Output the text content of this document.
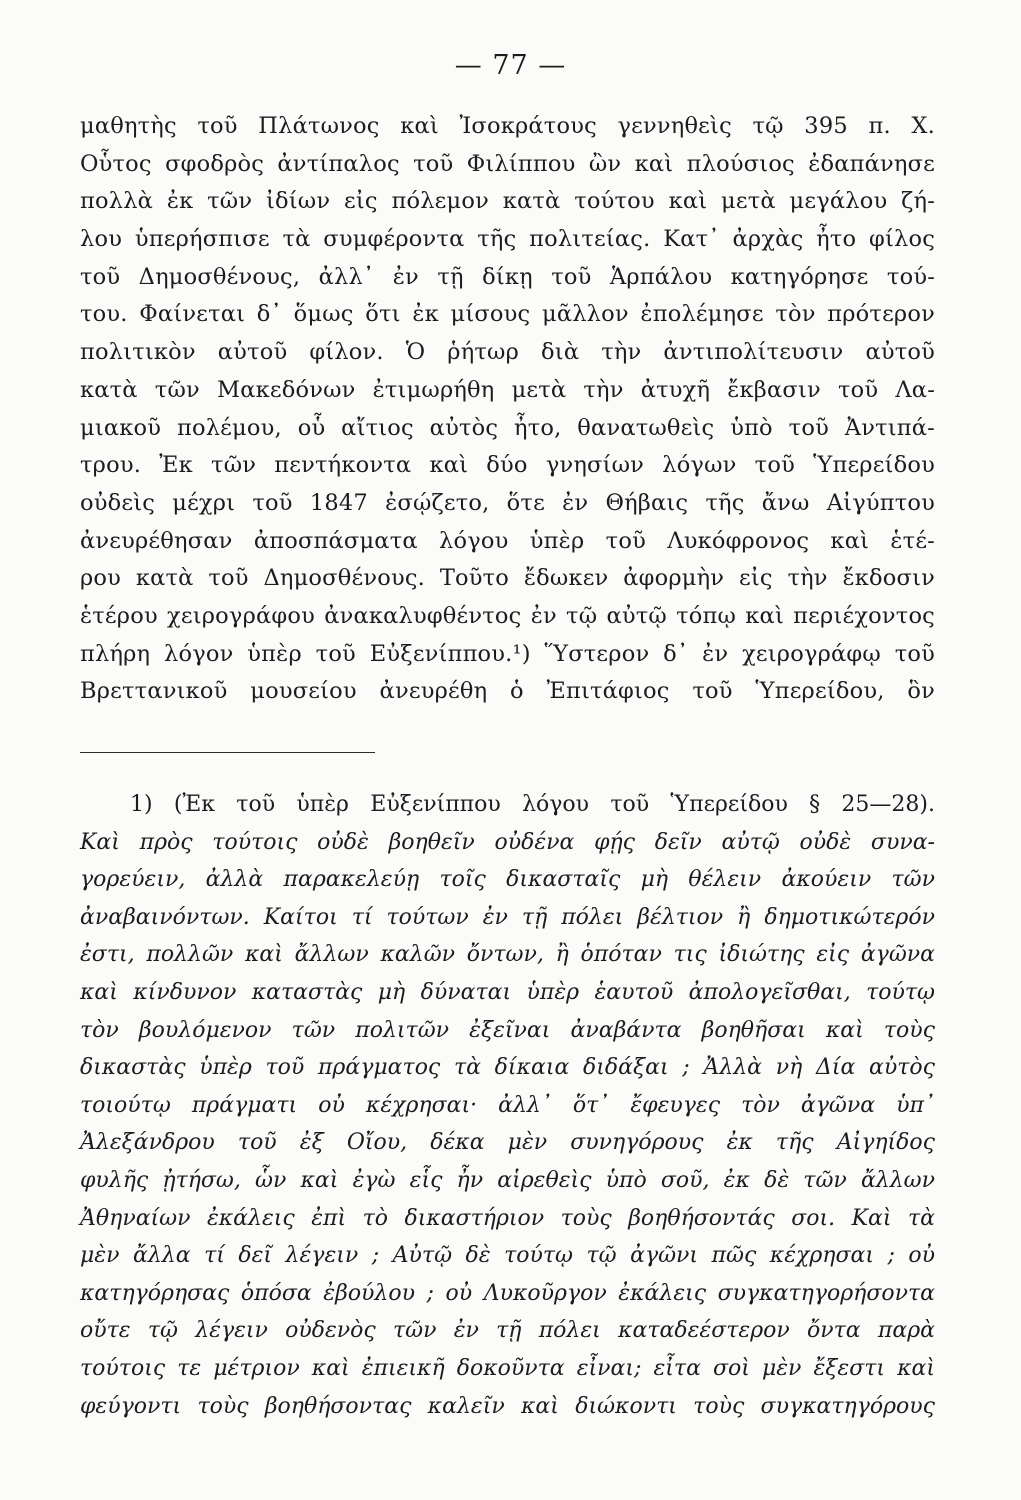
— 77 —
μαθητὴς τοῦ Πλάτωνος καὶ Ἰσοκράτους γεννηθεὶς τῷ 395 π. Χ.
Οὗτος σφοδρὸς ἀντίπαλος τοῦ Φιλίππου ὢν καὶ πλούσιος ἐδαπάνησε
πολλὰ ἐκ τῶν ἰδίων εἰς πόλεμον κατὰ τούτου καὶ μετὰ μεγάλου ζή-
λου ὑπερήσπισε τὰ συμφέροντα τῆς πολιτείας. Κατ᾽ ἀρχὰς ἦτο φίλος
τοῦ Δημοσθένους, ἀλλ᾽ ἐν τῇ δίκῃ τοῦ Ἁρπάλου κατηγόρησε τού-
του. Φαίνεται δ᾽ ὅμως ὅτι ἐκ μίσους μᾶλλον ἐπολέμησε τὸν πρότερον
πολιτικὸν αὐτοῦ φίλον. Ὁ ῥήτωρ διὰ τὴν ἀντιπολίτευσιν αὐτοῦ
κατὰ τῶν Μακεδόνων ἐτιμωρήθη μετὰ τὴν ἀτυχῆ ἔκβασιν τοῦ Λα-
μιακοῦ πολέμου, οὗ αἴτιος αὐτὸς ἦτο, θανατωθεὶς ὑπὸ τοῦ Ἀντιπά-
τρου. Ἐκ τῶν πεντήκοντα καὶ δύο γνησίων λόγων τοῦ Ὑπερείδου
οὐδεὶς μέχρι τοῦ 1847 ἐσῴζετο, ὅτε ἐν Θήβαις τῆς ἄνω Αἰγύπτου
ἀνευρέθησαν ἀποσπάσματα λόγου ὑπὲρ τοῦ Λυκόφρονος καὶ ἑτέ-
ρου κατὰ τοῦ Δημοσθένους. Τοῦτο ἔδωκεν ἀφορμὴν εἰς τὴν ἔκδοσιν
ἑτέρου χειρογράφου ἀνακαλυφθέντος ἐν τῷ αὐτῷ τόπῳ καὶ περιέχοντος
πλήρη λόγον ὑπὲρ τοῦ Εὐξενίππου.¹) Ὕστερον δ᾽ ἐν χειρογράφῳ τοῦ
Βρεττανικοῦ μουσείου ἀνευρέθη ὁ Ἐπιτάφιος τοῦ Ὑπερείδου, ὃν
1) (Ἐκ τοῦ ὑπὲρ Εὐξενίππου λόγου τοῦ Ὑπερείδου § 25—28).
Καὶ πρὸς τούτοις οὐδὲ βοηθεῖν οὐδένα φῄς δεῖν αὐτῷ οὐδὲ συνα-
γορεύειν, ἀλλὰ παρακελεύῃ τοῖς δικασταῖς μὴ θέλειν ἀκούειν τῶν
ἀναβαινόντων. Καίτοι τί τούτων ἐν τῇ πόλει βέλτιον ἢ δημοτικώτερόν
ἐστι, πολλῶν καὶ ἄλλων καλῶν ὄντων, ἢ ὁπόταν τις ἰδιώτης εἰς ἀγῶνα
καὶ κίνδυνον καταστὰς μὴ δύναται ὑπὲρ ἑαυτοῦ ἀπολογεῖσθαι, τούτῳ
τὸν βουλόμενον τῶν πολιτῶν ἐξεῖναι ἀναβάντα βοηθῆσαι καὶ τοὺς
δικαστὰς ὑπὲρ τοῦ πράγματος τὰ δίκαια διδάξαι ; Ἀλλὰ νὴ Δία αὐτὸς
τοιούτῳ πράγματι οὐ κέχρησαι· ἀλλ᾽ ὅτ᾽ ἔφευγες τὸν ἀγῶνα ὑπ᾽
Ἀλεξάνδρου τοῦ ἐξ Οἴου, δέκα μὲν συνηγόρους ἐκ τῆς Αἰγηίδος
φυλῆς ᾐτήσω, ὧν καὶ ἐγὼ εἷς ἦν αἱρεθεὶς ὑπὸ σοῦ, ἐκ δὲ τῶν ἄλλων
Ἀθηναίων ἐκάλεις ἐπὶ τὸ δικαστήριον τοὺς βοηθήσοντάς σοι. Καὶ τὰ
μὲν ἄλλα τί δεῖ λέγειν ; Αὐτῷ δὲ τούτῳ τῷ ἀγῶνι πῶς κέχρησαι ; οὐ
κατηγόρησας ὁπόσα ἐβούλου ; οὐ Λυκοῦργον ἐκάλεις συγκατηγορήσοντα
οὔτε τῷ λέγειν οὐδενὸς τῶν ἐν τῇ πόλει καταδεέστερον ὄντα παρὰ
τούτοις τε μέτριον καὶ ἐπιεικῆ δοκοῦντα εἶναι; εἶτα σοὶ μὲν ἔξεστι καὶ
φεύγοντι τοὺς βοηθήσοντας καλεῖν καὶ διώκοντι τοὺς συγκατηγόρους
